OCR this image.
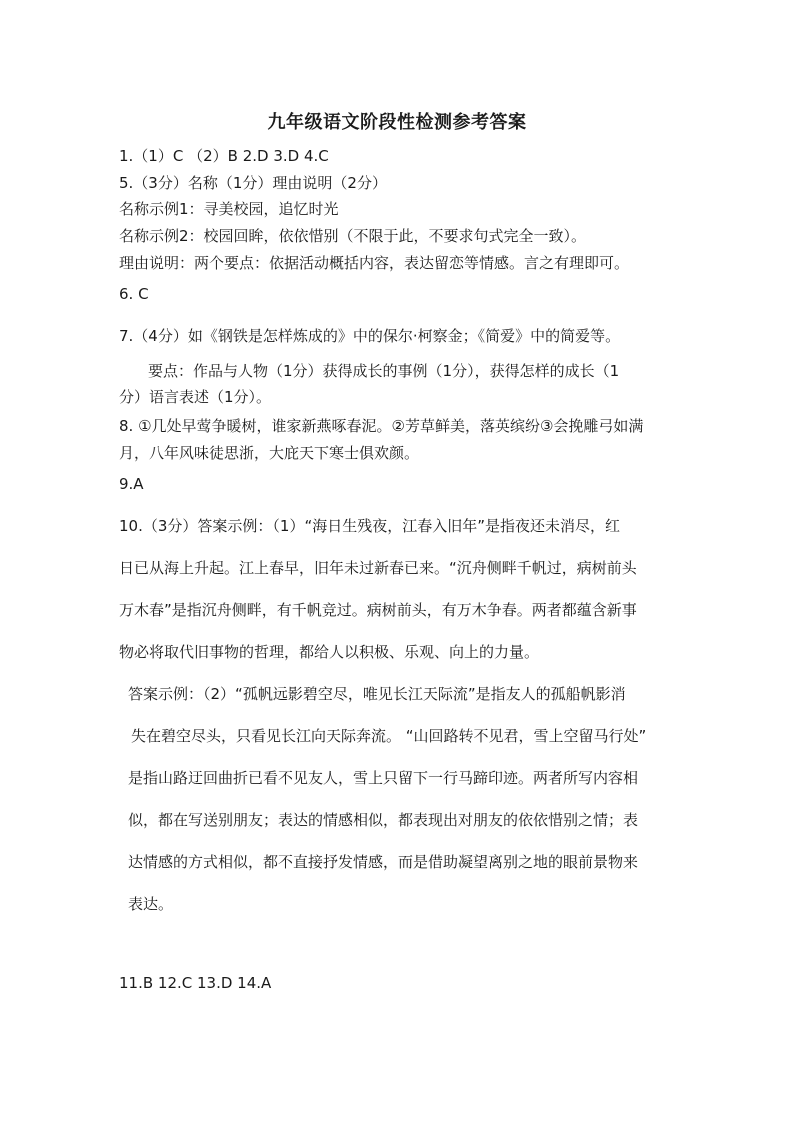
九年级语文阶段性检测参考答案
1.（1）C （2）B 2.D 3.D 4.C
5.（3分）名称（1分）理由说明（2分）
名称示例1：寻美校园，追忆时光
名称示例2：校园回眸，依依惜别（不限于此，不要求句式完全一致）。
理由说明：两个要点：依据活动概括内容，表达留恋等情感。言之有理即可。
6. C
7.（4分）如《钢铁是怎样炼成的》中的保尔·柯察金；《简爱》中的简爱等。
要点：作品与人物（1分）获得成长的事例（1分），获得怎样的成长（1
分）语言表述（1分）。
8. ①几处早莺争暖树，谁家新燕啄春泥。②芳草鲜美，落英缤纷③会挽雕弓如满
月，八年风味徒思浙，大庇天下寒士俱欢颜。
9.A
10.（3分）答案示例：（1）“海日生残夜，江春入旧年”是指夜还未消尽，红
日已从海上升起。江上春早，旧年未过新春已来。“沉舟侧畔千帆过，病树前头
万木春”是指沉舟侧畔，有千帆竞过。病树前头，有万木争春。两者都蕴含新事
物必将取代旧事物的哲理，都给人以积极、乐观、向上的力量。
答案示例：（2）“孤帆远影碧空尽，唯见长江天际流”是指友人的孤船帆影消
失在碧空尽头，只看见长江向天际奔流。 “山回路转不见君，雪上空留马行处”
是指山路迂回曲折已看不见友人，雪上只留下一行马蹄印迹。两者所写内容相
似，都在写送别朋友；表达的情感相似，都表现出对朋友的依依惜别之情；表
达情感的方式相似，都不直接抒发情感，而是借助凝望离别之地的眼前景物来
表达。
11.B 12.C 13.D 14.A
